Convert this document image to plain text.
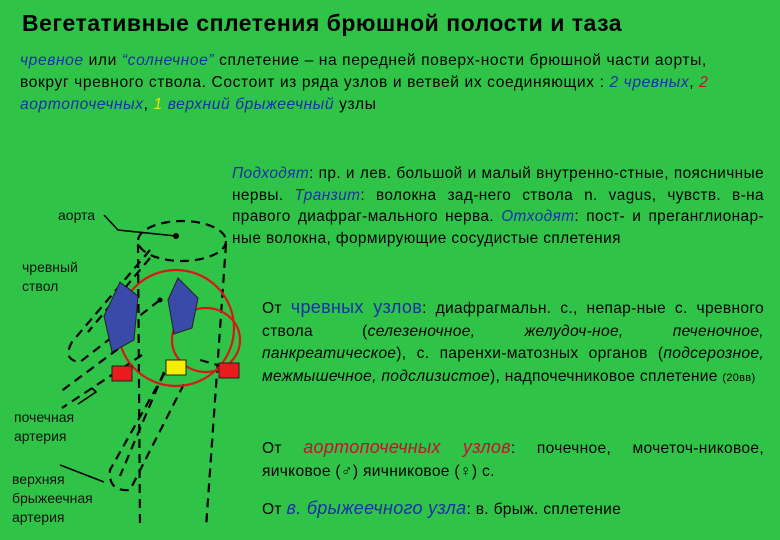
Вегетативные сплетения брюшной полости и таза
чревное или “солнечное” сплетение – на передней поверх-ности брюшной части аорты, вокруг чревного ствола. Состоит из ряда узлов и ветвей их соединяющих : 2 чревных, 2 аортопочечных, 1 верхний брыжеечный узлы
аорта
чревный ствол
почечная артерия
верхняя брыжеечная артерия
Подходят: пр. и лев. большой и малый внутренно-стные, поясничные нервы. Транзит: волокна зад-него ствола n. vagus, чувств. в-на правого диафраг-мального нерва. Отходят: пост- и преганглионар-ные волокна, формирующие сосудистые сплетения
От чревных узлов: диафрагмальн. с., непар-ные с. чревного ствола (селезеночное, желудоч-ное, печеночное, панкреатическое), с. паренхи-матозных органов (подсерозное, межмышечное, подслизистое), надпочечниковое сплетение (20вв)
От аортопочечных узлов: почечное, мочеточ-никовое, яичковое (♂) яичниковое (♀) с.
От в. брыжеечного узла: в. брыж. сплетение
